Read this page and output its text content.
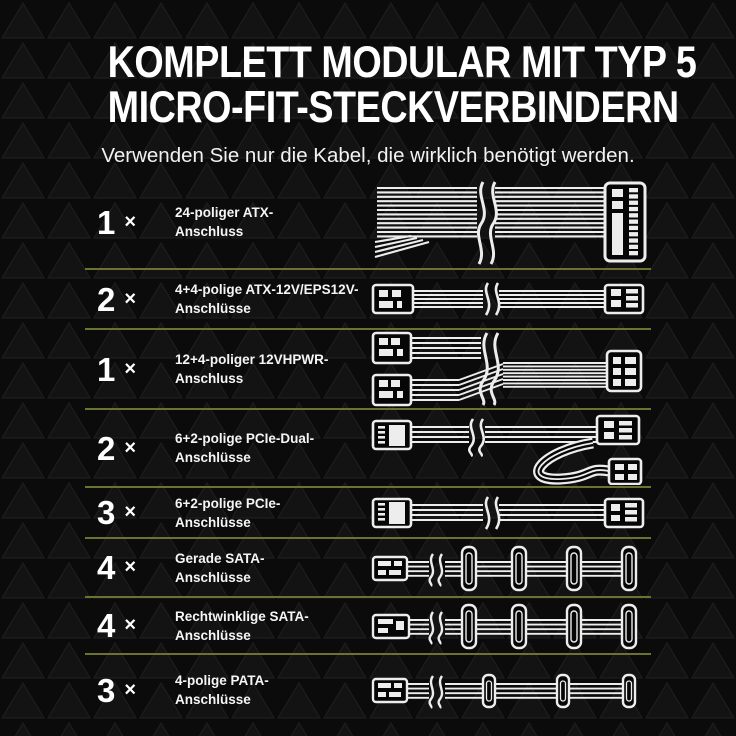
KOMPLETT MODULAR MIT TYP 5
MICRO-FIT-STECKVERBINDERN

Verwenden Sie nur die Kabel, die wirklich benötigt werden.

1 ×	24-poliger ATX-
Anschluss
2 ×	4+4-polige ATX-12V/EPS12V-
Anschlüsse
1 ×	12+4-poliger 12VHPWR-
Anschluss
2 ×	6+2-polige PCIe-Dual-
Anschlüsse
3 ×	6+2-polige PCIe-
Anschlüsse
4 ×	Gerade SATA-
Anschlüsse
4 ×	Rechtwinklige SATA-
Anschlüsse
3 ×	4-polige PATA-
Anschlüsse
